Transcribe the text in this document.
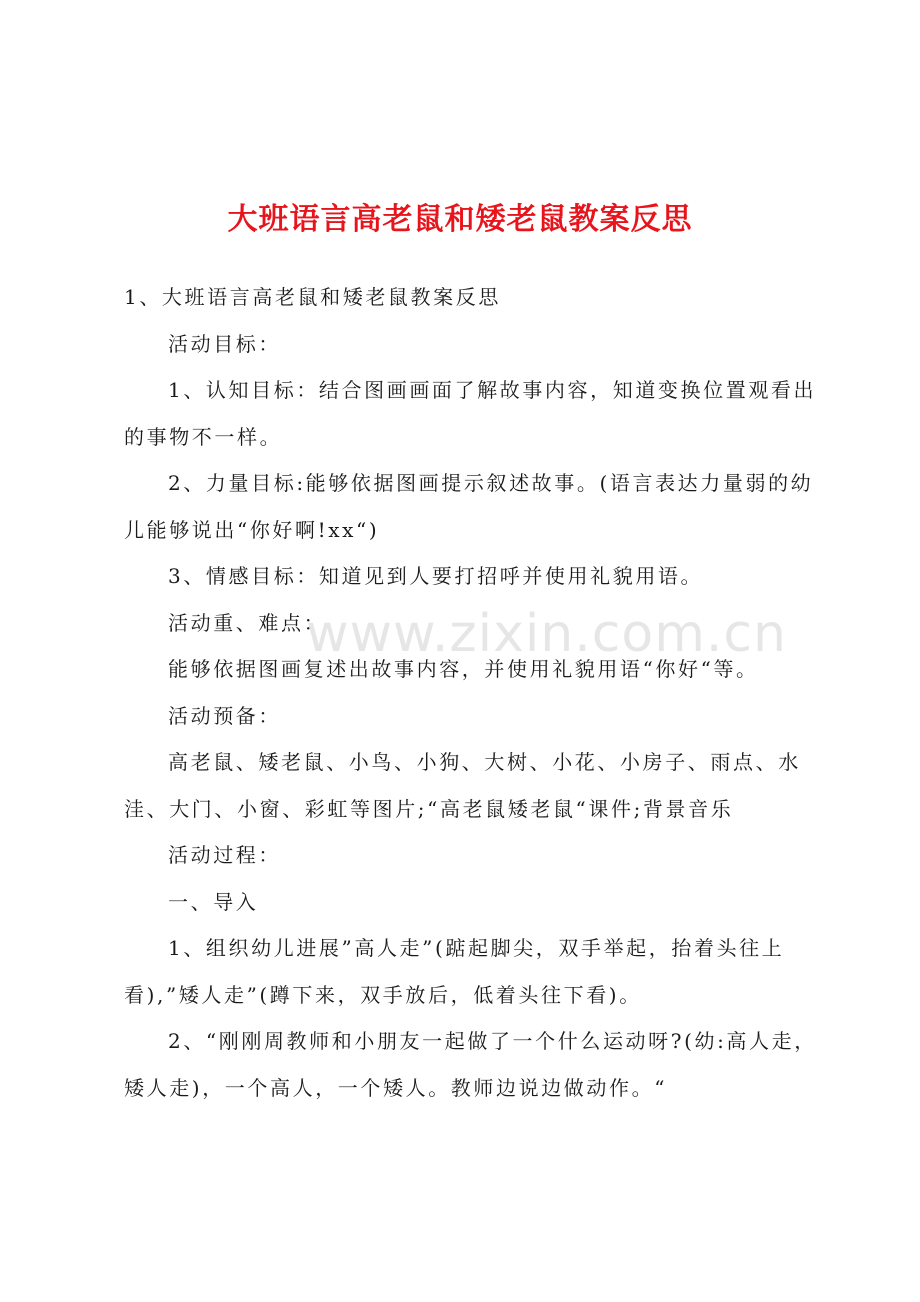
大班语言高老鼠和矮老鼠教案反思

1、大班语言高老鼠和矮老鼠教案反思

活动目标：

1、认知目标：结合图画画面了解故事内容，知道变换位置观看出的事物不一样。

2、力量目标:能够依据图画提示叙述故事。(语言表达力量弱的幼儿能够说出“你好啊!xx“)

3、情感目标：知道见到人要打招呼并使用礼貌用语。

活动重、难点：

能够依据图画复述出故事内容，并使用礼貌用语“你好“等。

活动预备：

高老鼠、矮老鼠、小鸟、小狗、大树、小花、小房子、雨点、水洼、大门、小窗、彩虹等图片;“高老鼠矮老鼠“课件;背景音乐

活动过程：

一、导入

1、组织幼儿进展”高人走”(踮起脚尖，双手举起，抬着头往上看),”矮人走”(蹲下来，双手放后，低着头往下看)。

2、“刚刚周教师和小朋友一起做了一个什么运动呀?(幼:高人走，矮人走)，一个高人，一个矮人。教师边说边做动作。“

www.zixin.com.cn
